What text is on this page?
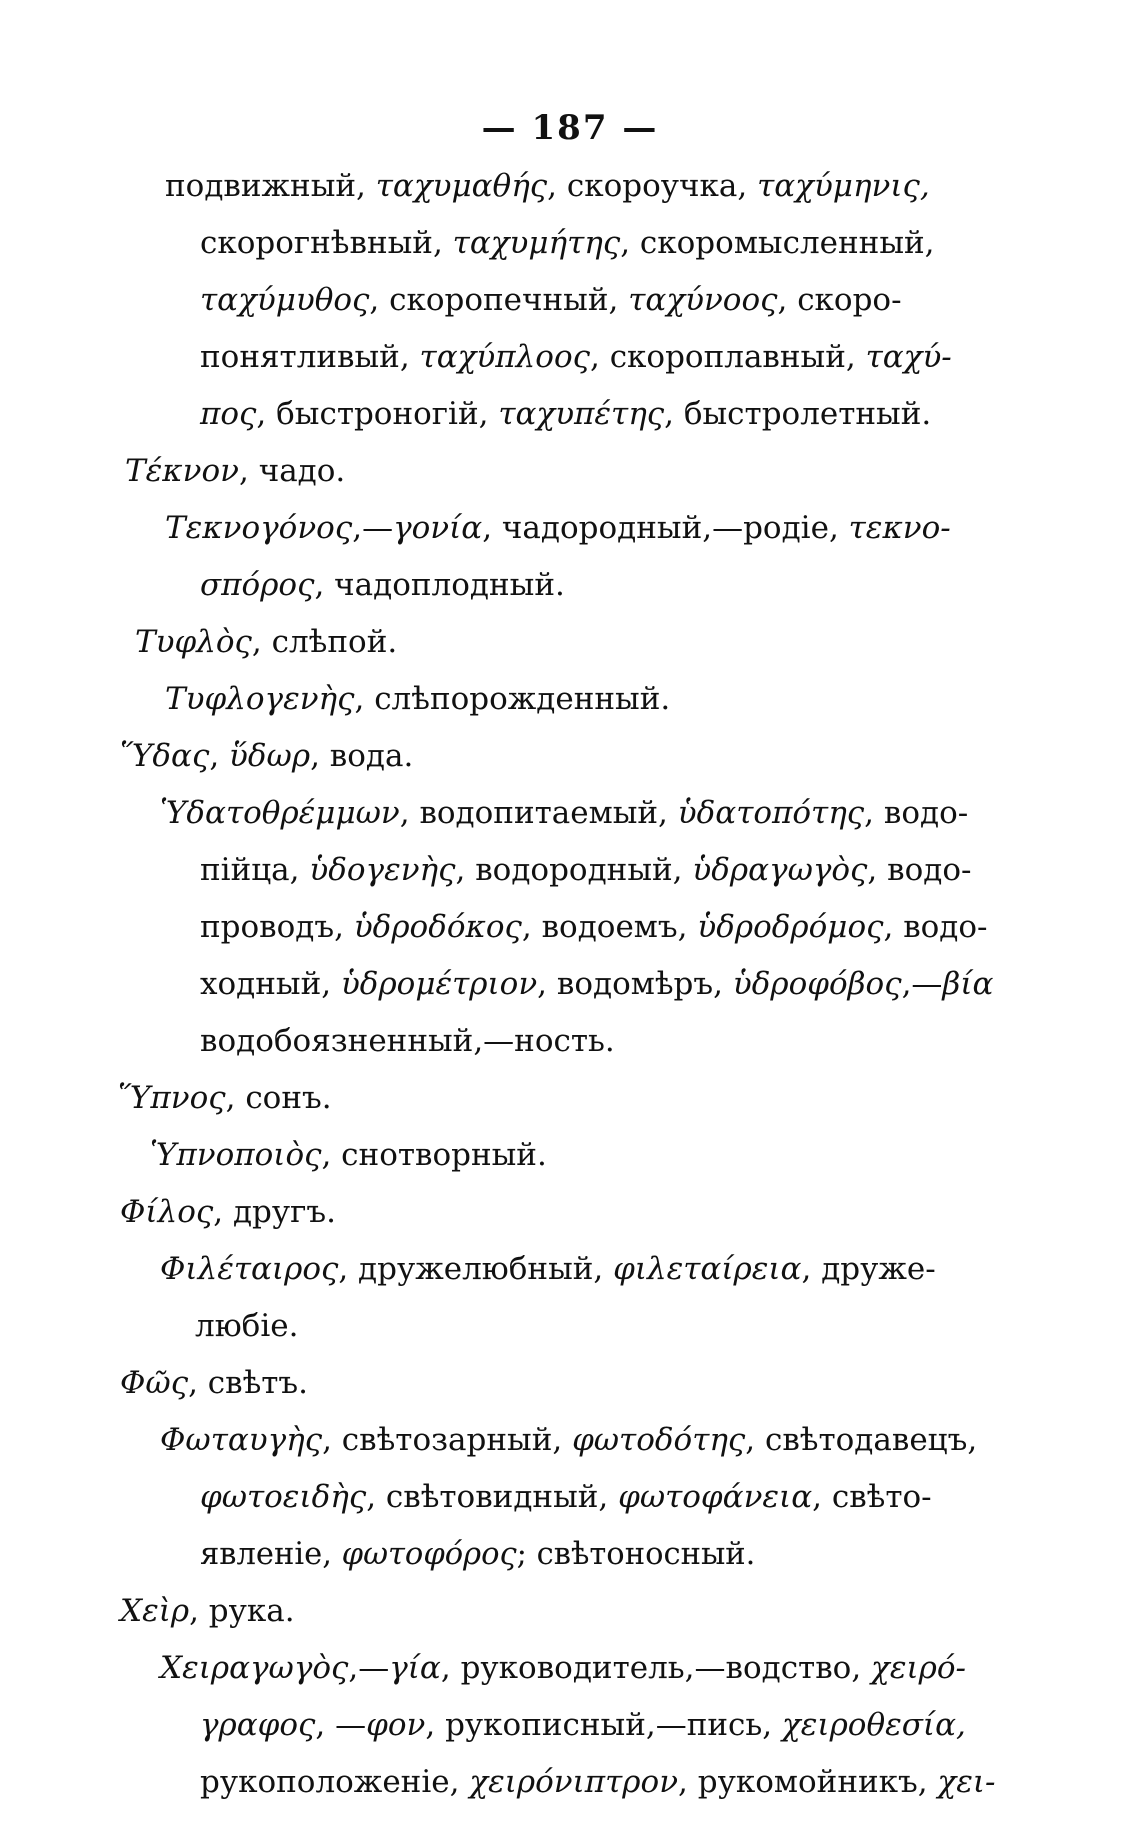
— 187 —
подвижный, ταχυμαθής, скороучка, ταχύμηνις,
скорогнѣвный, ταχυμήτης, скоромысленный,
ταχύμυθος, скоропечный, ταχύνοος, скоро-
понятливый, ταχύπλοος, скороплавный, ταχύ-
πος, быстроногій, ταχυπέτης, быстролетный.
Τέκνον, чадо.
Τεκνογόνος,—γονία, чадородный,—родіе, τεκνο-
σπόρος, чадоплодный.
Τυφλὸς, слѣпой.
Τυφλογενὴς, слѣпорожденный.
Ὕδας, ὕδωρ, вода.
Ὑδατοθρέμμων, водопитаемый, ὑδατοπότης, водо-
пійца, ὑδογενὴς, водородный, ὑδραγωγὸς, водо-
проводъ, ὑδροδόκος, водоемъ, ὑδροδρόμος, водо-
ходный, ὑδρομέτριον, водомѣръ, ὑδροφόβος,—βία
водобоязненный,—ность.
Ὕπνος, сонъ.
Ὑπνοποιὸς, снотворный.
Φίλος, другъ.
Φιλέταιρος, дружелюбный, φιλεταίρεια, друже-
любіе.
Φῶς, свѣтъ.
Φωταυγὴς, свѣтозарный, φωτοδότης, свѣтодавецъ,
φωτοειδὴς, свѣтовидный, φωτοφάνεια, свѣто-
явленіе, φωτοφόρος; свѣтоносный.
Χεὶρ, рука.
Χειραγωγὸς,—γία, руководитель,—водство, χειρό-
γραφος, —φον, рукописный,—пись, χειροθεσία,
рукоположеніе, χειρόνιπτρον, рукомойникъ, χει-
